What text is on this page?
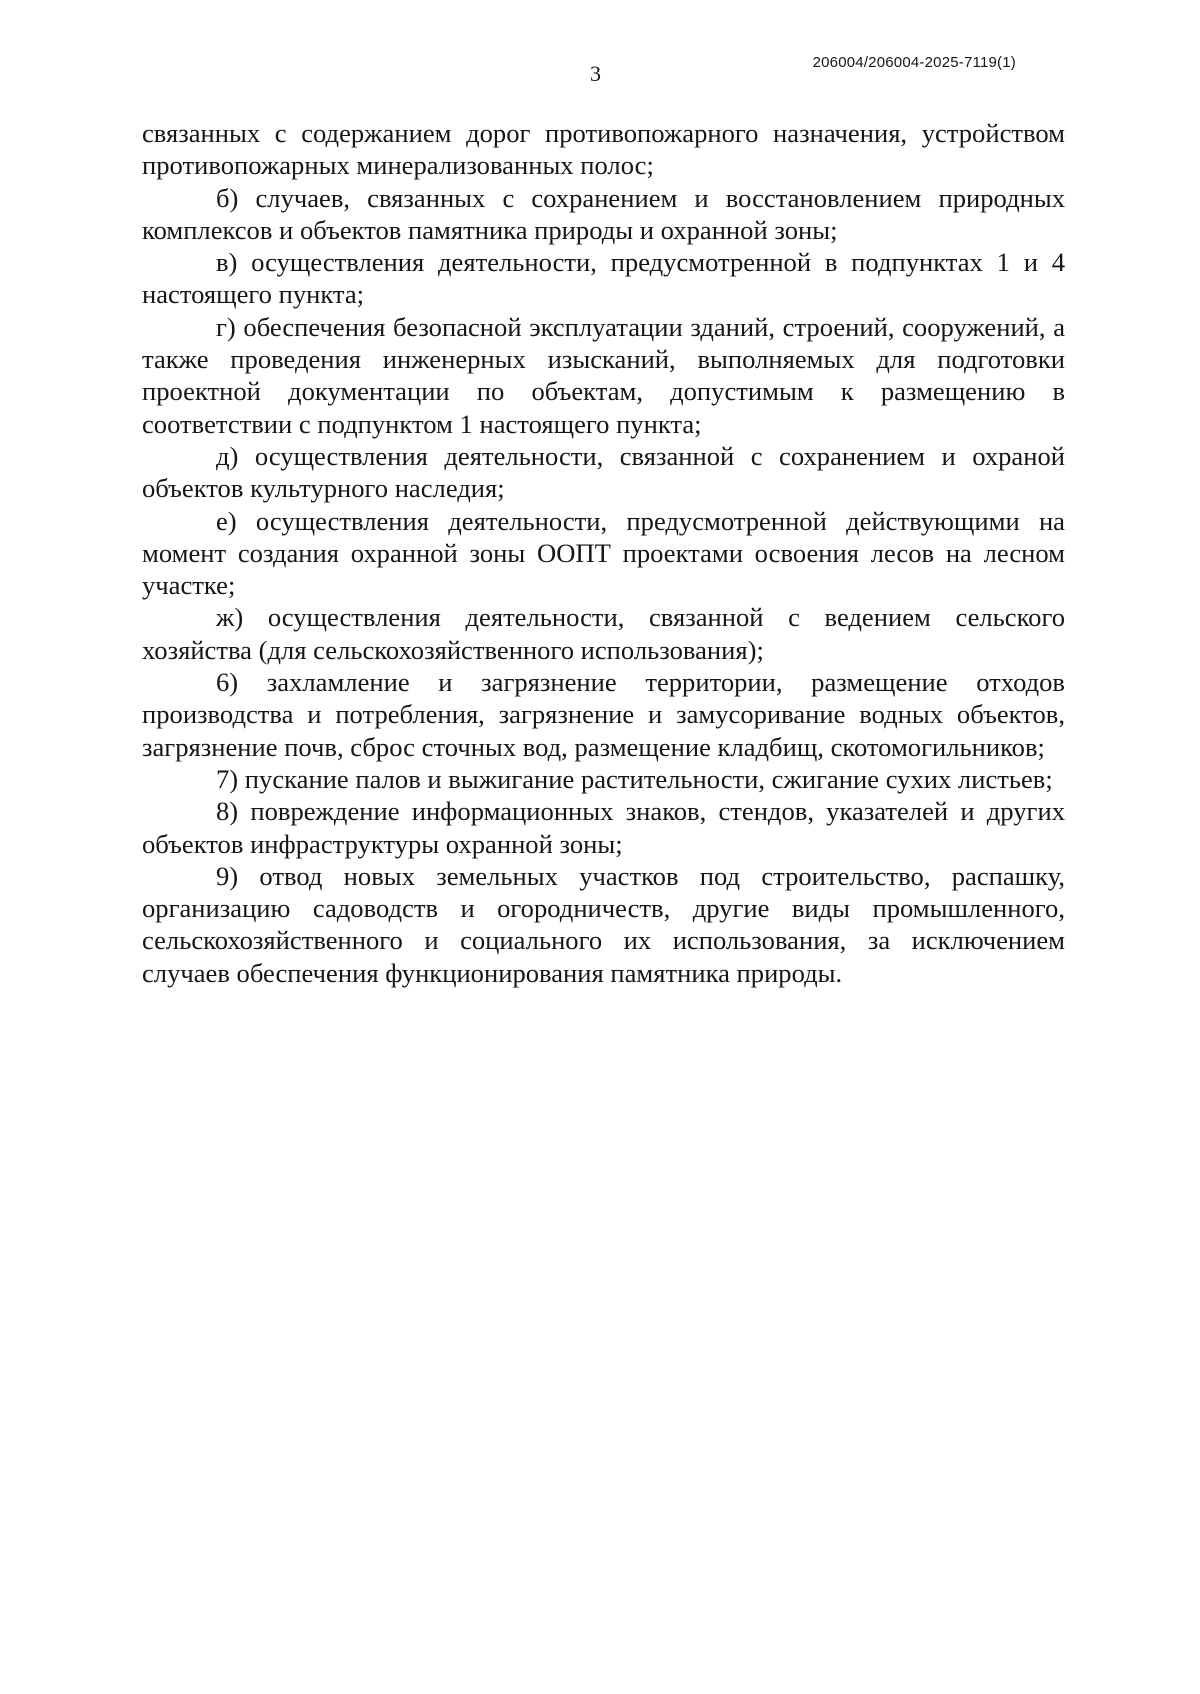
3	206004/206004-2025-7119(1)

связанных с содержанием дорог противопожарного назначения, устройством противопожарных минерализованных полос;

б) случаев, связанных с сохранением и восстановлением природных комплексов и объектов памятника природы и охранной зоны;

в) осуществления деятельности, предусмотренной в подпунктах 1 и 4 настоящего пункта;

г) обеспечения безопасной эксплуатации зданий, строений, сооружений, а также проведения инженерных изысканий, выполняемых для подготовки проектной документации по объектам, допустимым к размещению в соответствии с подпунктом 1 настоящего пункта;

д) осуществления деятельности, связанной с сохранением и охраной объектов культурного наследия;

е) осуществления деятельности, предусмотренной действующими на момент создания охранной зоны ООПТ проектами освоения лесов на лесном участке;

ж) осуществления деятельности, связанной с ведением сельского хозяйства (для сельскохозяйственного использования);

6) захламление и загрязнение территории, размещение отходов производства и потребления, загрязнение и замусоривание водных объектов, загрязнение почв, сброс сточных вод, размещение кладбищ, скотомогильников;

7) пускание палов и выжигание растительности, сжигание сухих листьев;

8) повреждение информационных знаков, стендов, указателей и других объектов инфраструктуры охранной зоны;

9) отвод новых земельных участков под строительство, распашку, организацию садоводств и огородничеств, другие виды промышленного, сельскохозяйственного и социального их использования, за исключением случаев обеспечения функционирования памятника природы.
